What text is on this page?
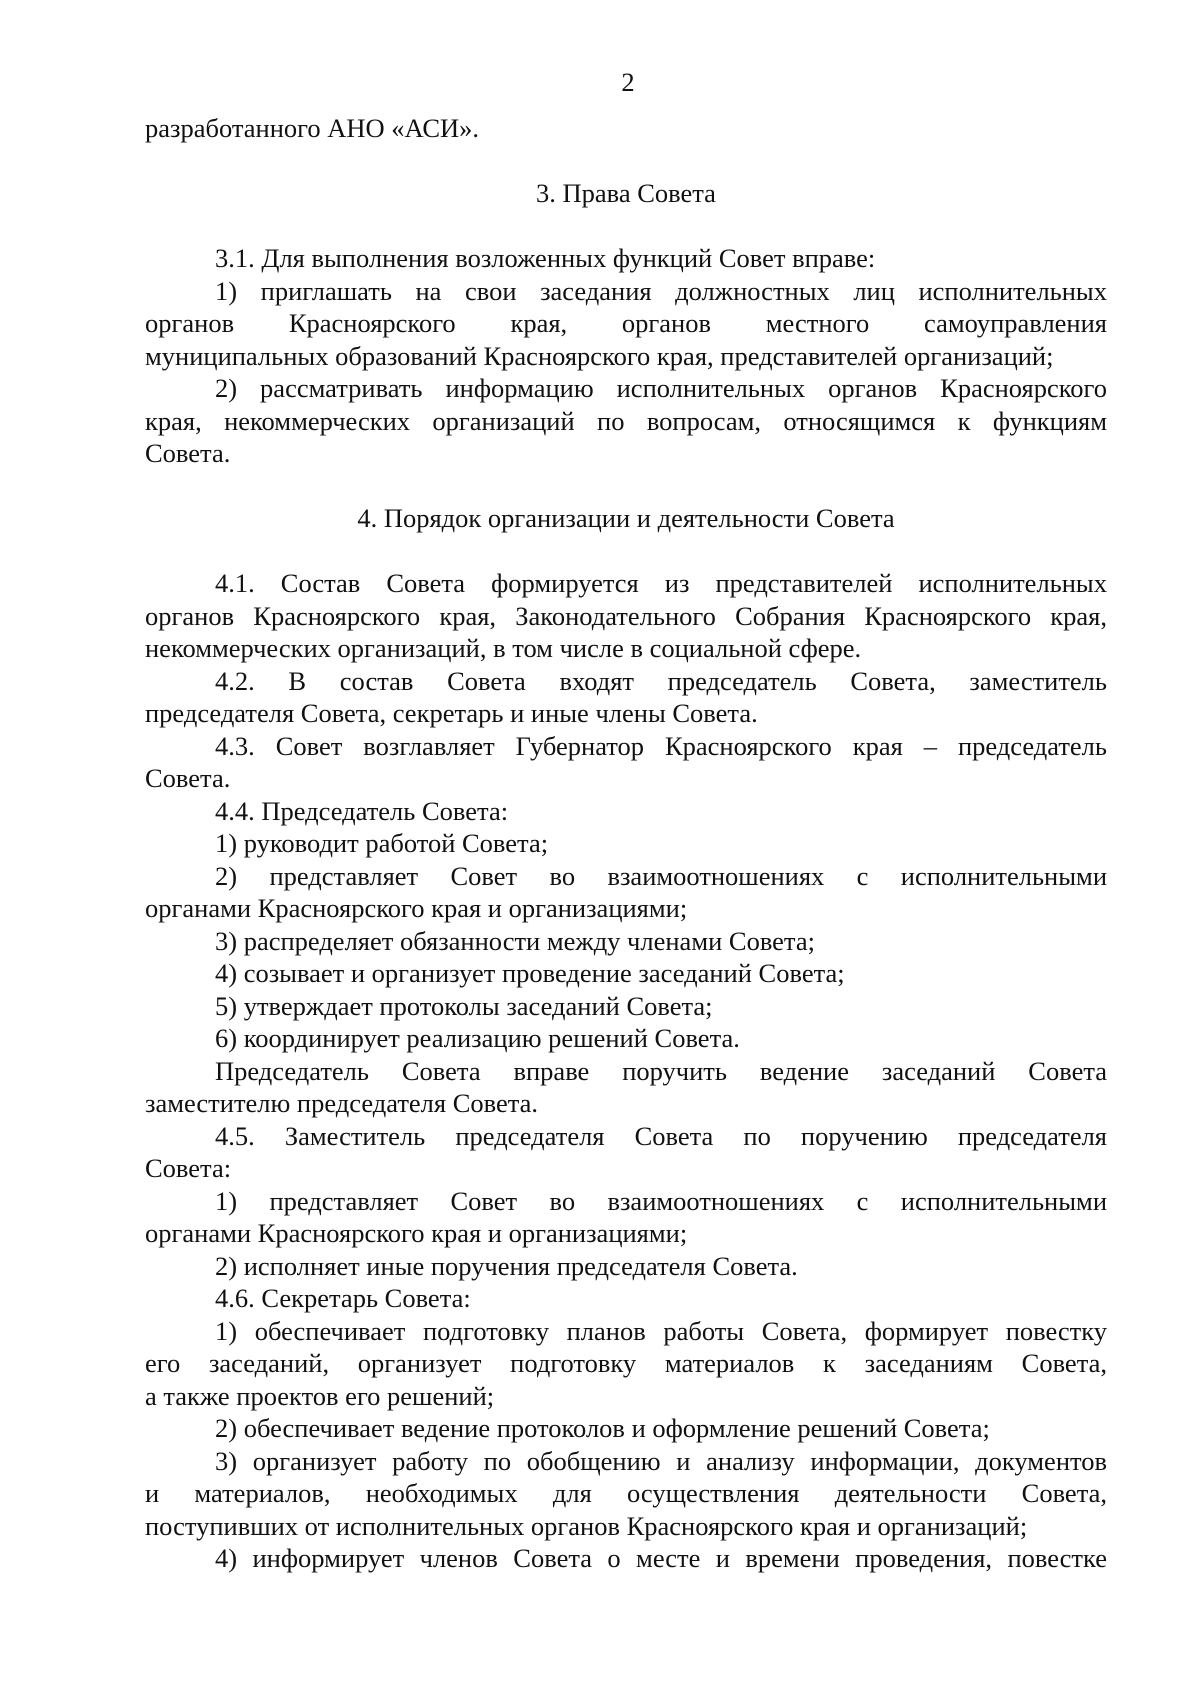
2
разработанного АНО «АСИ».
3. Права Совета
3.1. Для выполнения возложенных функций Совет вправе:
1) приглашать на свои заседания должностных лиц исполнительных
органов Красноярского края, органов местного самоуправления
муниципальных образований Красноярского края, представителей организаций;
2) рассматривать информацию исполнительных органов Красноярского
края, некоммерческих организаций по вопросам, относящимся к функциям
Совета.
4. Порядок организации и деятельности Совета
4.1. Состав Совета формируется из представителей исполнительных
органов Красноярского края, Законодательного Собрания Красноярского края,
некоммерческих организаций, в том числе в социальной сфере.
4.2. В состав Совета входят председатель Совета, заместитель
председателя Совета, секретарь и иные члены Совета.
4.3. Совет возглавляет Губернатор Красноярского края – председатель
Совета.
4.4. Председатель Совета:
1) руководит работой Совета;
2) представляет Совет во взаимоотношениях с исполнительными
органами Красноярского края и организациями;
3) распределяет обязанности между членами Совета;
4) созывает и организует проведение заседаний Совета;
5) утверждает протоколы заседаний Совета;
6) координирует реализацию решений Совета.
Председатель Совета вправе поручить ведение заседаний Совета
заместителю председателя Совета.
4.5. Заместитель председателя Совета по поручению председателя
Совета:
1) представляет Совет во взаимоотношениях с исполнительными
органами Красноярского края и организациями;
2) исполняет иные поручения председателя Совета.
4.6. Секретарь Совета:
1) обеспечивает подготовку планов работы Совета, формирует повестку
его заседаний, организует подготовку материалов к заседаниям Совета,
а также проектов его решений;
2) обеспечивает ведение протоколов и оформление решений Совета;
3) организует работу по обобщению и анализу информации, документов
и материалов, необходимых для осуществления деятельности Совета,
поступивших от исполнительных органов Красноярского края и организаций;
4) информирует членов Совета о месте и времени проведения, повестке
